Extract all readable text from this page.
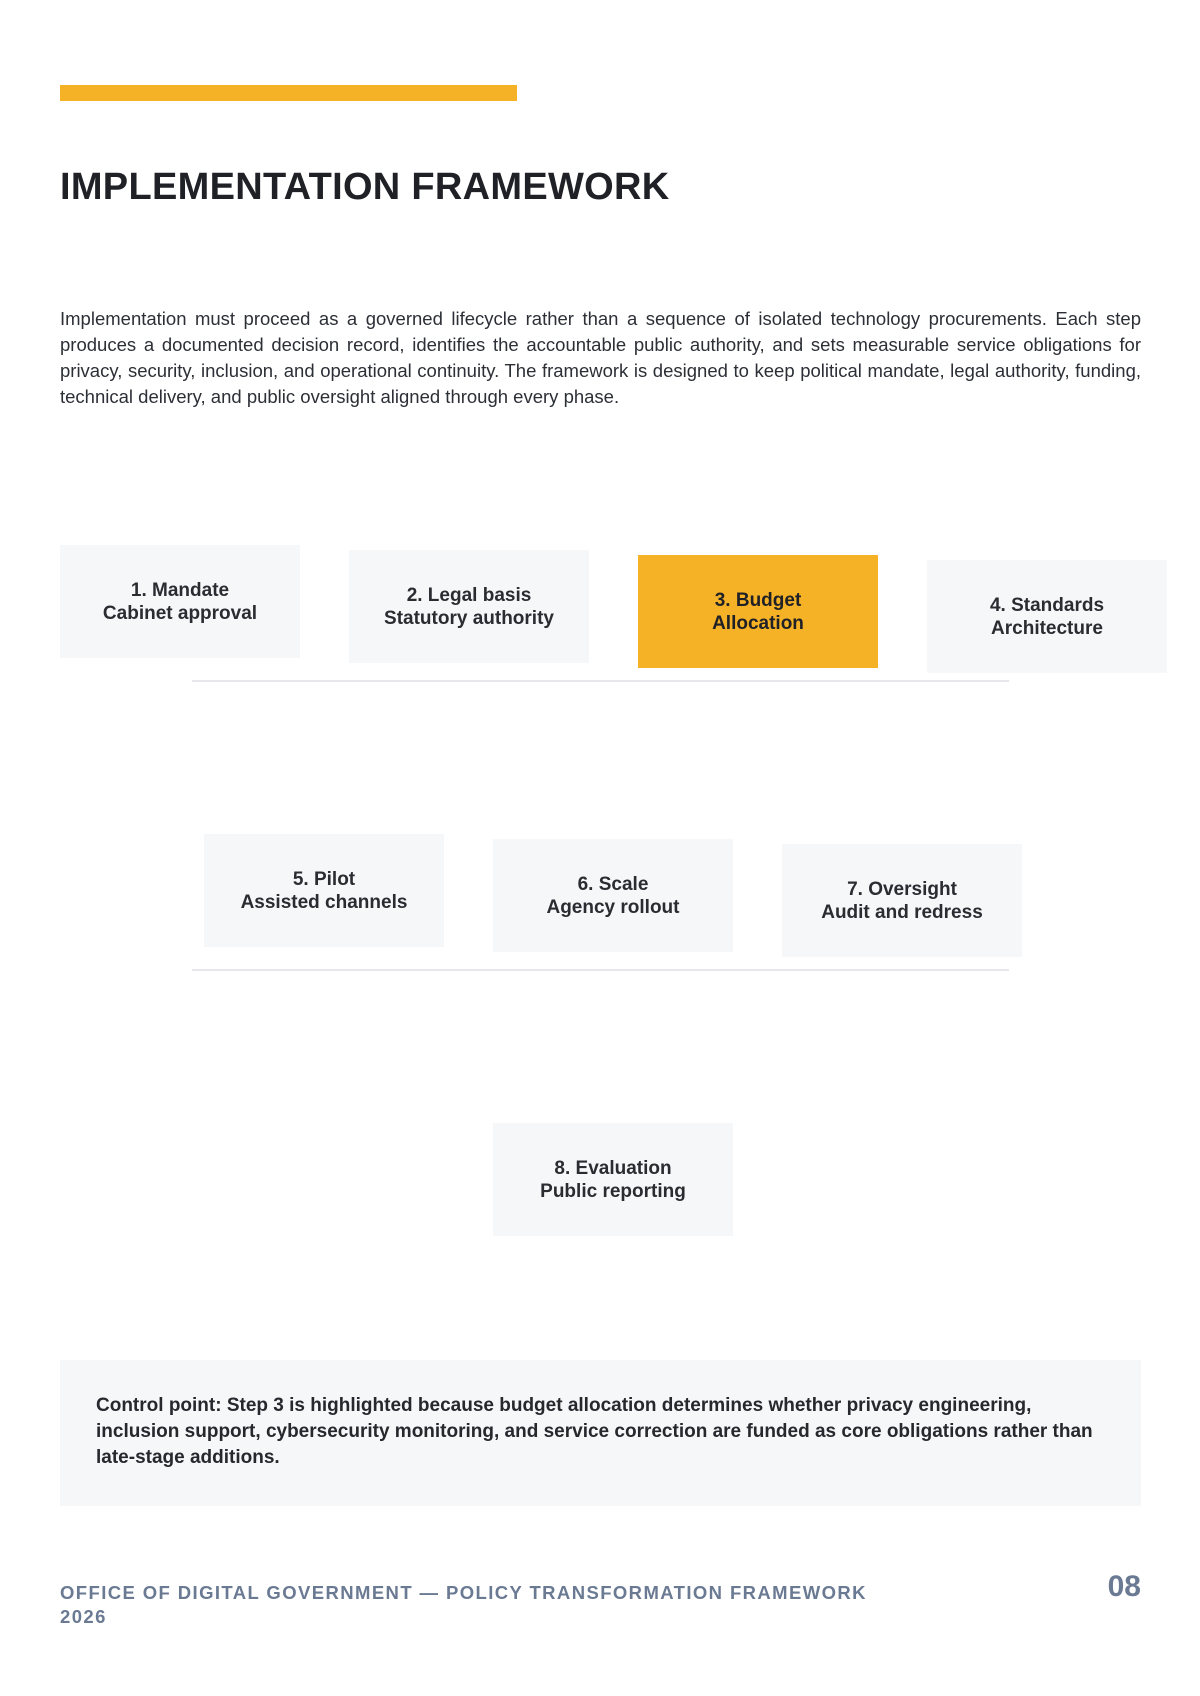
IMPLEMENTATION FRAMEWORK

Implementation must proceed as a governed lifecycle rather than a sequence of isolated technology procurements. Each step produces a documented decision record, identifies the accountable public authority, and sets measurable service obligations for privacy, security, inclusion, and operational continuity. The framework is designed to keep political mandate, legal authority, funding, technical delivery, and public oversight aligned through every phase.

1. Mandate
Cabinet approval
2. Legal basis
Statutory authority
3. Budget
Allocation
4. Standards
Architecture
5. Pilot
Assisted channels
6. Scale
Agency rollout
7. Oversight
Audit and redress
8. Evaluation
Public reporting

Control point: Step 3 is highlighted because budget allocation determines whether privacy engineering, inclusion support, cybersecurity monitoring, and service correction are funded as core obligations rather than late-stage additions.

OFFICE OF DIGITAL GOVERNMENT — POLICY TRANSFORMATION FRAMEWORK 2026

08
